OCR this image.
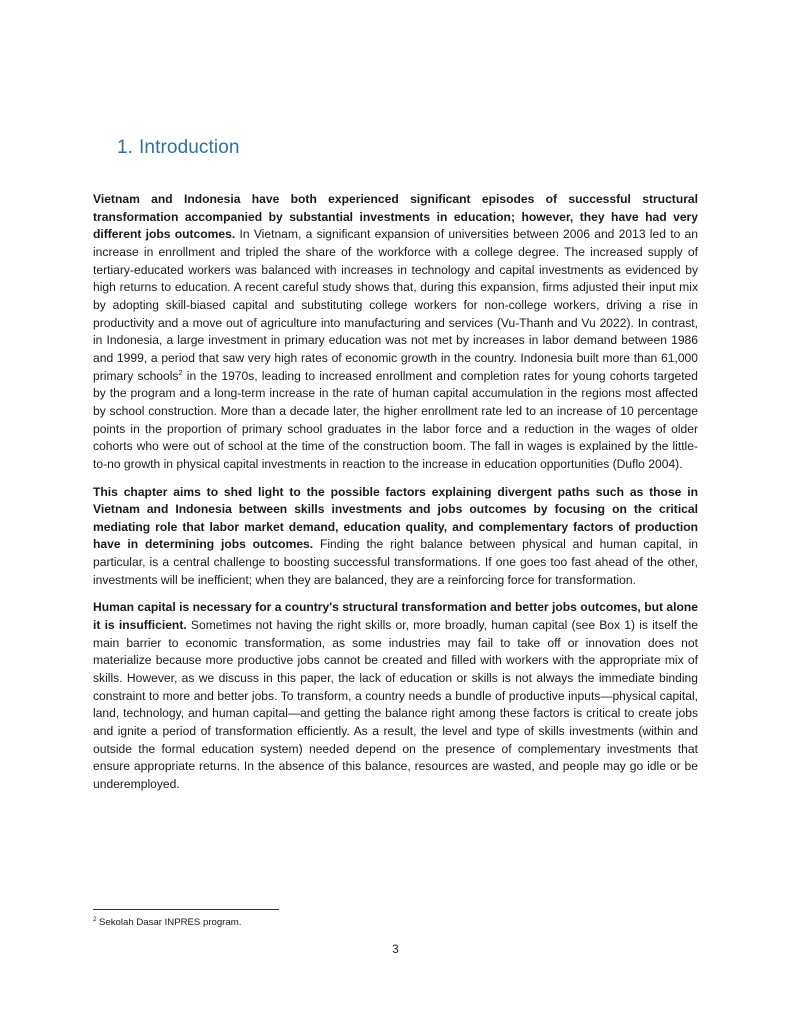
1. Introduction

Vietnam and Indonesia have both experienced significant episodes of successful structural transformation accompanied by substantial investments in education; however, they have had very different jobs outcomes. In Vietnam, a significant expansion of universities between 2006 and 2013 led to an increase in enrollment and tripled the share of the workforce with a college degree. The increased supply of tertiary-educated workers was balanced with increases in technology and capital investments as evidenced by high returns to education. A recent careful study shows that, during this expansion, firms adjusted their input mix by adopting skill-biased capital and substituting college workers for non-college workers, driving a rise in productivity and a move out of agriculture into manufacturing and services (Vu-Thanh and Vu 2022). In contrast, in Indonesia, a large investment in primary education was not met by increases in labor demand between 1986 and 1999, a period that saw very high rates of economic growth in the country. Indonesia built more than 61,000 primary schools$^2$ in the 1970s, leading to increased enrollment and completion rates for young cohorts targeted by the program and a long-term increase in the rate of human capital accumulation in the regions most affected by school construction. More than a decade later, the higher enrollment rate led to an increase of 10 percentage points in the proportion of primary school graduates in the labor force and a reduction in the wages of older cohorts who were out of school at the time of the construction boom. The fall in wages is explained by the little-to-no growth in physical capital investments in reaction to the increase in education opportunities (Duflo 2004).

This chapter aims to shed light to the possible factors explaining divergent paths such as those in Vietnam and Indonesia between skills investments and jobs outcomes by focusing on the critical mediating role that labor market demand, education quality, and complementary factors of production have in determining jobs outcomes. Finding the right balance between physical and human capital, in particular, is a central challenge to boosting successful transformations. If one goes too fast ahead of the other, investments will be inefficient; when they are balanced, they are a reinforcing force for transformation.

Human capital is necessary for a country's structural transformation and better jobs outcomes, but alone it is insufficient. Sometimes not having the right skills or, more broadly, human capital (see Box 1) is itself the main barrier to economic transformation, as some industries may fail to take off or innovation does not materialize because more productive jobs cannot be created and filled with workers with the appropriate mix of skills. However, as we discuss in this paper, the lack of education or skills is not always the immediate binding constraint to more and better jobs. To transform, a country needs a bundle of productive inputs—physical capital, land, technology, and human capital—and getting the balance right among these factors is critical to create jobs and ignite a period of transformation efficiently. As a result, the level and type of skills investments (within and outside the formal education system) needed depend on the presence of complementary investments that ensure appropriate returns. In the absence of this balance, resources are wasted, and people may go idle or be underemployed.

$^2$ Sekolah Dasar INPRES program.
3
